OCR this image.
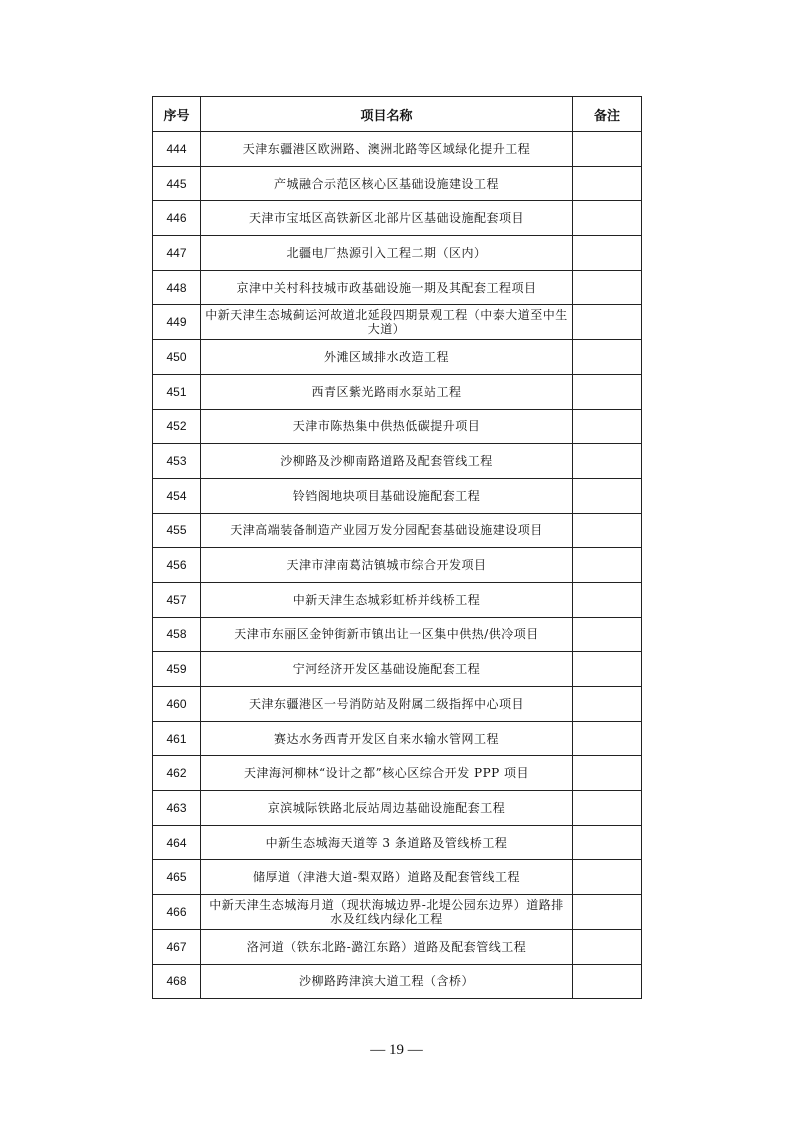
序号	项目名称	备注
444	天津东疆港区欧洲路、澳洲北路等区域绿化提升工程	
445	产城融合示范区核心区基础设施建设工程	
446	天津市宝坻区高铁新区北部片区基础设施配套项目	
447	北疆电厂热源引入工程二期（区内）	
448	京津中关村科技城市政基础设施一期及其配套工程项目	
449	中新天津生态城蓟运河故道北延段四期景观工程（中泰大道至中生大道）	
450	外滩区域排水改造工程	
451	西青区紫光路雨水泵站工程	
452	天津市陈热集中供热低碳提升项目	
453	沙柳路及沙柳南路道路及配套管线工程	
454	铃铛阁地块项目基础设施配套工程	
455	天津高端装备制造产业园万发分园配套基础设施建设项目	
456	天津市津南葛沽镇城市综合开发项目	
457	中新天津生态城彩虹桥并线桥工程	
458	天津市东丽区金钟街新市镇出让一区集中供热/供冷项目	
459	宁河经济开发区基础设施配套工程	
460	天津东疆港区一号消防站及附属二级指挥中心项目	
461	赛达水务西青开发区自来水输水管网工程	
462	天津海河柳林“设计之都”核心区综合开发 PPP 项目	
463	京滨城际铁路北辰站周边基础设施配套工程	
464	中新生态城海天道等 3 条道路及管线桥工程	
465	储厚道（津港大道-梨双路）道路及配套管线工程	
466	中新天津生态城海月道（现状海城边界-北堤公园东边界）道路排水及红线内绿化工程	
467	洛河道（铁东北路-潞江东路）道路及配套管线工程	
468	沙柳路跨津滨大道工程（含桥）	
— 19 —
